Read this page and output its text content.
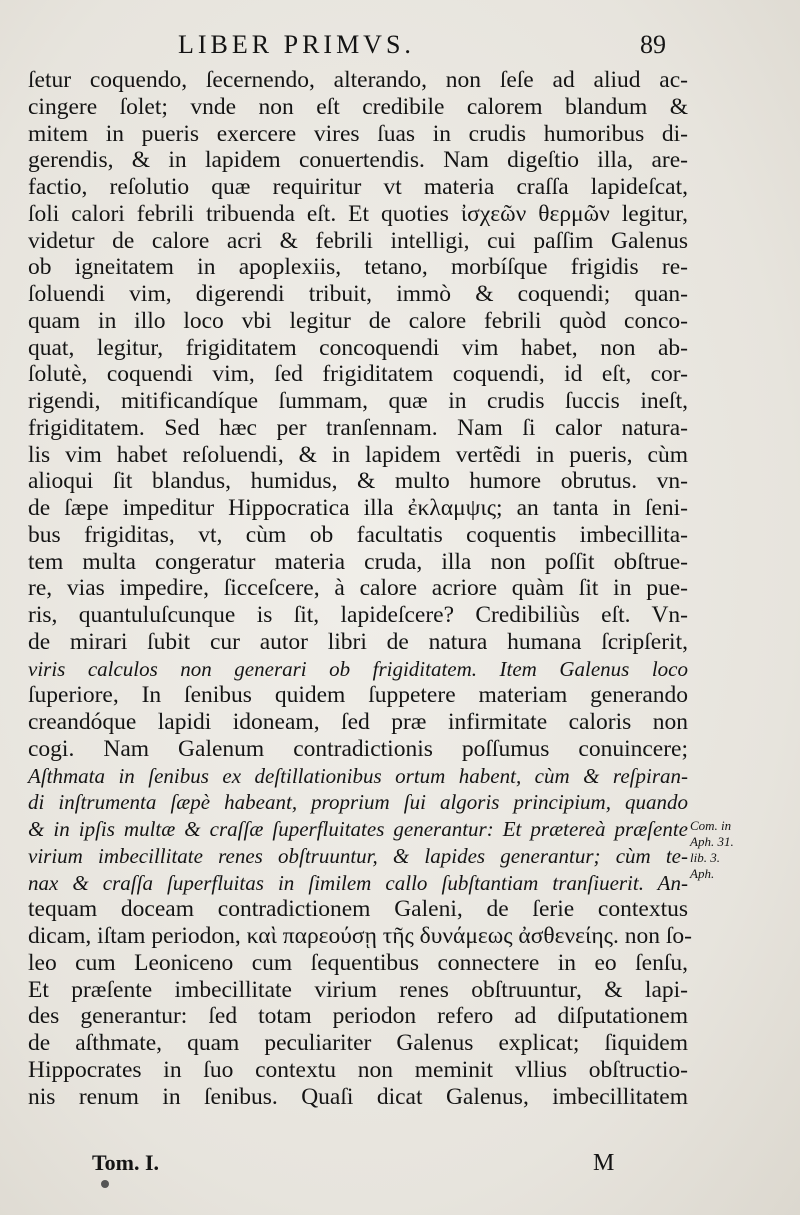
LIBER PRIMVS.	89
ſetur coquendo, ſecernendo, alterando, non ſeſe ad aliud ac-
cingere ſolet; vnde non eſt credibile calorem blandum &
mitem in pueris exercere vires ſuas in crudis humoribus di-
gerendis, & in lapidem conuertendis. Nam digeſtio illa, are-
factio, reſolutio quæ requiritur vt materia craſſa lapideſcat,
ſoli calori febrili tribuenda eſt. Et quoties ἰσχεῶν θερμῶν legitur,
videtur de calore acri & febrili intelligi, cui paſſim Galenus
ob igneitatem in apoplexiis, tetano, morbíſque frigidis re-
ſoluendi vim, digerendi tribuit, immò & coquendi; quan-
quam in illo loco vbi legitur de calore febrili quòd conco-
quat, legitur, frigiditatem concoquendi vim habet, non ab-
ſolutè, coquendi vim, ſed frigiditatem coquendi, id eſt, cor-
rigendi, mitificandíque ſummam, quæ in crudis ſuccis ineſt,
frigiditatem. Sed hæc per tranſennam. Nam ſi calor natura-
lis vim habet reſoluendi, & in lapidem vertẽdi in pueris, cùm
alioqui ſit blandus, humidus, & multo humore obrutus. vn-
de ſæpe impeditur Hippocratica illa ἐκλαμψις; an tanta in ſeni-
bus frigiditas, vt, cùm ob facultatis coquentis imbecillita-
tem multa congeratur materia cruda, illa non poſſit obſtrue-
re, vias impedire, ſicceſcere, à calore acriore quàm ſit in pue-
ris, quantuluſcunque is ſit, lapideſcere? Credibiliùs eſt. Vn-
de mirari ſubit cur autor libri de natura humana ſcripſerit,
viris calculos non generari ob frigiditatem. Item Galenus loco
ſuperiore, In ſenibus quidem ſuppetere materiam generando
creandóque lapidi idoneam, ſed præ infirmitate caloris non
cogi. Nam Galenum contradictionis poſſumus conuincere;
Aſthmata in ſenibus ex deſtillationibus ortum habent, cùm & reſpiran-
di inſtrumenta ſæpè habeant, proprium ſui algoris principium, quando
& in ipſis multæ & craſſæ ſuperfluitates generantur: Et prætereà præſente
virium imbecillitate renes obſtruuntur, & lapides generantur; cùm te-
nax & craſſa ſuperfluitas in ſimilem callo ſubſtantiam tranſiuerit. An-
tequam doceam contradictionem Galeni, de ſerie contextus
dicam, iſtam periodon, καὶ παρεούσῃ τῆς δυνάμεως ἀσθενείης. non ſo-
leo cum Leoniceno cum ſequentibus connectere in eo ſenſu,
Et præſente imbecillitate virium renes obſtruuntur, & lapi-
des generantur: ſed totam periodon refero ad diſputationem
de aſthmate, quam peculiariter Galenus explicat; ſiquidem
Hippocrates in ſuo contextu non meminit vllius obſtructio-
nis renum in ſenibus. Quaſi dicat Galenus, imbecillitatem
Com. in
Aph. 31.
lib. 3.
Aph.
Tom. I.	M
